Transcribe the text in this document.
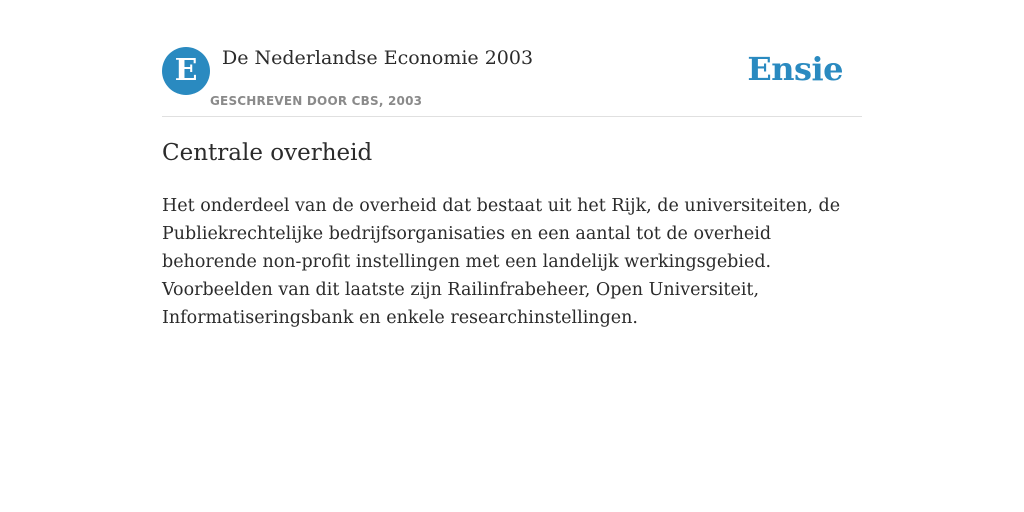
E	De Nederlandse Economie 2003
GESCHREVEN DOOR CBS, 2003
Ensie
Centrale overheid

Het onderdeel van de overheid dat bestaat uit het Rijk, de universiteiten, de Publiekrechtelijke bedrijfsorganisaties en een aantal tot de overheid behorende non-profit instellingen met een landelijk werkingsgebied. Voorbeelden van dit laatste zijn Railinfrabeheer, Open Universiteit, Informatiseringsbank en enkele researchinstellingen.
